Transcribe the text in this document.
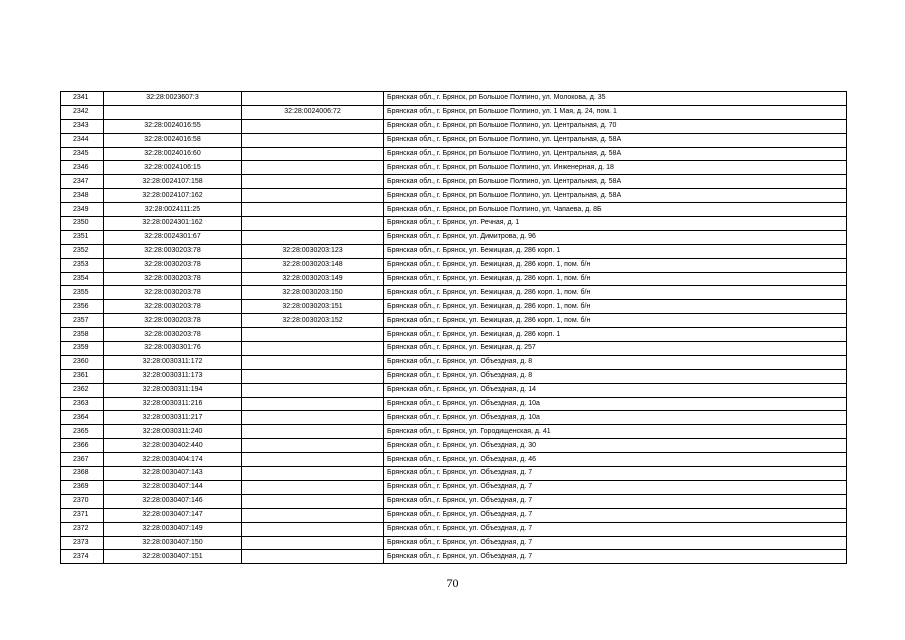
2341	32:28:0023607:3		Брянская обл., г. Брянск, рп Большое Полпино, ул. Молокова, д. 35
2342		32:28:0024006:72	Брянская обл., г. Брянск, рп Большое Полпино, ул. 1 Мая, д. 24, пом. 1
2343	32:28:0024016:55		Брянская обл., г. Брянск, рп Большое Полпино, ул. Центральная, д. 70
2344	32:28:0024016:58		Брянская обл., г. Брянск, рп Большое Полпино, ул. Центральная, д. 58А
2345	32:28:0024016:60		Брянская обл., г. Брянск, рп Большое Полпино, ул. Центральная, д. 58А
2346	32:28:0024106:15		Брянская обл., г. Брянск, рп Большое Полпино, ул. Инженерная, д. 18
2347	32:28:0024107:158		Брянская обл., г. Брянск, рп Большое Полпино, ул. Центральная, д. 58А
2348	32:28:0024107:162		Брянская обл., г. Брянск, рп Большое Полпино, ул. Центральная, д. 58А
2349	32:28:0024111:25		Брянская обл., г. Брянск, рп Большое Полпино, ул. Чапаева, д. 8Б
2350	32:28:0024301:162		Брянская обл., г. Брянск, ул. Речная, д. 1
2351	32:28:0024301:67		Брянская обл., г. Брянск, ул. Димитрова, д. 96
2352	32:28:0030203:78	32:28:0030203:123	Брянская обл., г. Брянск, ул. Бежицкая, д. 286 корп. 1
2353	32:28:0030203:78	32:28:0030203:148	Брянская обл., г. Брянск, ул. Бежицкая, д. 286 корп. 1, пом. б/н
2354	32:28:0030203:78	32:28:0030203:149	Брянская обл., г. Брянск, ул. Бежицкая, д. 286 корп. 1, пом. б/н
2355	32:28:0030203:78	32:28:0030203:150	Брянская обл., г. Брянск, ул. Бежицкая, д. 286 корп. 1, пом. б/н
2356	32:28:0030203:78	32:28:0030203:151	Брянская обл., г. Брянск, ул. Бежицкая, д. 286 корп. 1, пом. б/н
2357	32:28:0030203:78	32:28:0030203:152	Брянская обл., г. Брянск, ул. Бежицкая, д. 286 корп. 1, пом. б/н
2358	32:28:0030203:78		Брянская обл., г. Брянск, ул. Бежицкая, д. 286 корп. 1
2359	32:28:0030301:76		Брянская обл., г. Брянск, ул. Бежицкая, д. 257
2360	32:28:0030311:172		Брянская обл., г. Брянск, ул. Объездная, д. 8
2361	32:28:0030311:173		Брянская обл., г. Брянск, ул. Объездная, д. 8
2362	32:28:0030311:194		Брянская обл., г. Брянск, ул. Объездная, д. 14
2363	32:28:0030311:216		Брянская обл., г. Брянск, ул. Объездная, д. 10а
2364	32:28:0030311:217		Брянская обл., г. Брянск, ул. Объездная, д. 10а
2365	32:28:0030311:240		Брянская обл., г. Брянск, ул. Городищенская, д. 41
2366	32:28:0030402:440		Брянская обл., г. Брянск, ул. Объездная, д. 30
2367	32:28:0030404:174		Брянская обл., г. Брянск, ул. Объездная, д. 46
2368	32:28:0030407:143		Брянская обл., г. Брянск, ул. Объездная, д. 7
2369	32:28:0030407:144		Брянская обл., г. Брянск, ул. Объездная, д. 7
2370	32:28:0030407:146		Брянская обл., г. Брянск, ул. Объездная, д. 7
2371	32:28:0030407:147		Брянская обл., г. Брянск, ул. Объездная, д. 7
2372	32:28:0030407:149		Брянская обл., г. Брянск, ул. Объездная, д. 7
2373	32:28:0030407:150		Брянская обл., г. Брянск, ул. Объездная, д. 7
2374	32:28:0030407:151		Брянская обл., г. Брянск, ул. Объездная, д. 7
70
